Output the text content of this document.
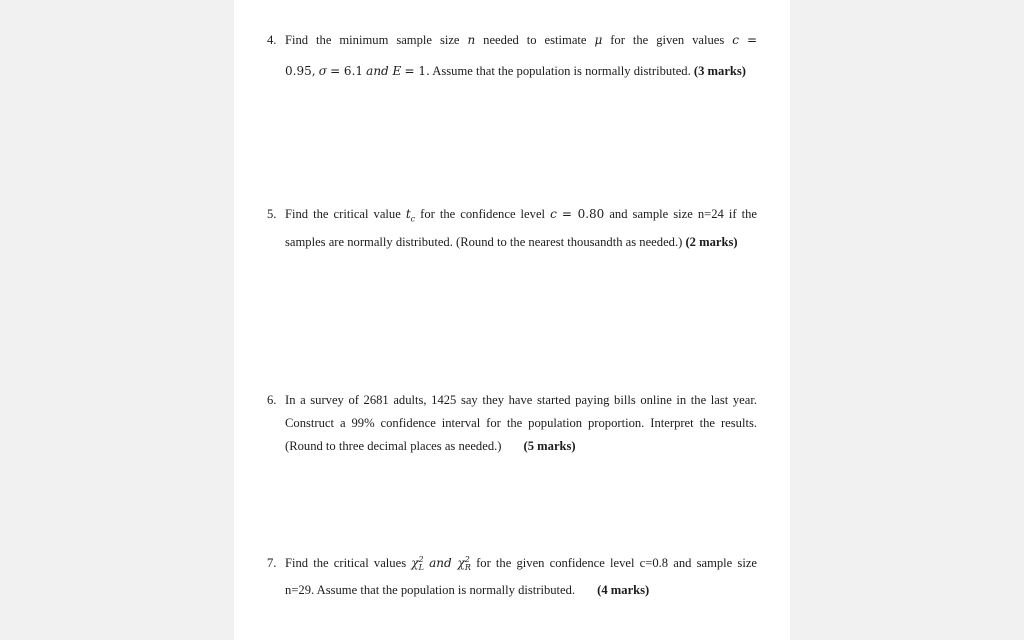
4. Find the minimum sample size n needed to estimate μ for the given values c =
0.95, σ = 6.1 and E = 1. Assume that the population is normally distributed. (3 marks)
5. Find the critical value $t_c$ for the confidence level c = 0.80 and sample size n=24 if the
samples are normally distributed. (Round to the nearest thousandth as needed.) (2 marks)
6. In a survey of 2681 adults, 1425 say they have started paying bills online in the last year.
Construct a 99% confidence interval for the population proportion. Interpret the results.
(Round to three decimal places as needed.) (5 marks)
7. Find the critical values $\chi^2_L$ and $\chi^2_R$ for the given confidence level c=0.8 and sample size
n=29. Assume that the population is normally distributed. (4 marks)
